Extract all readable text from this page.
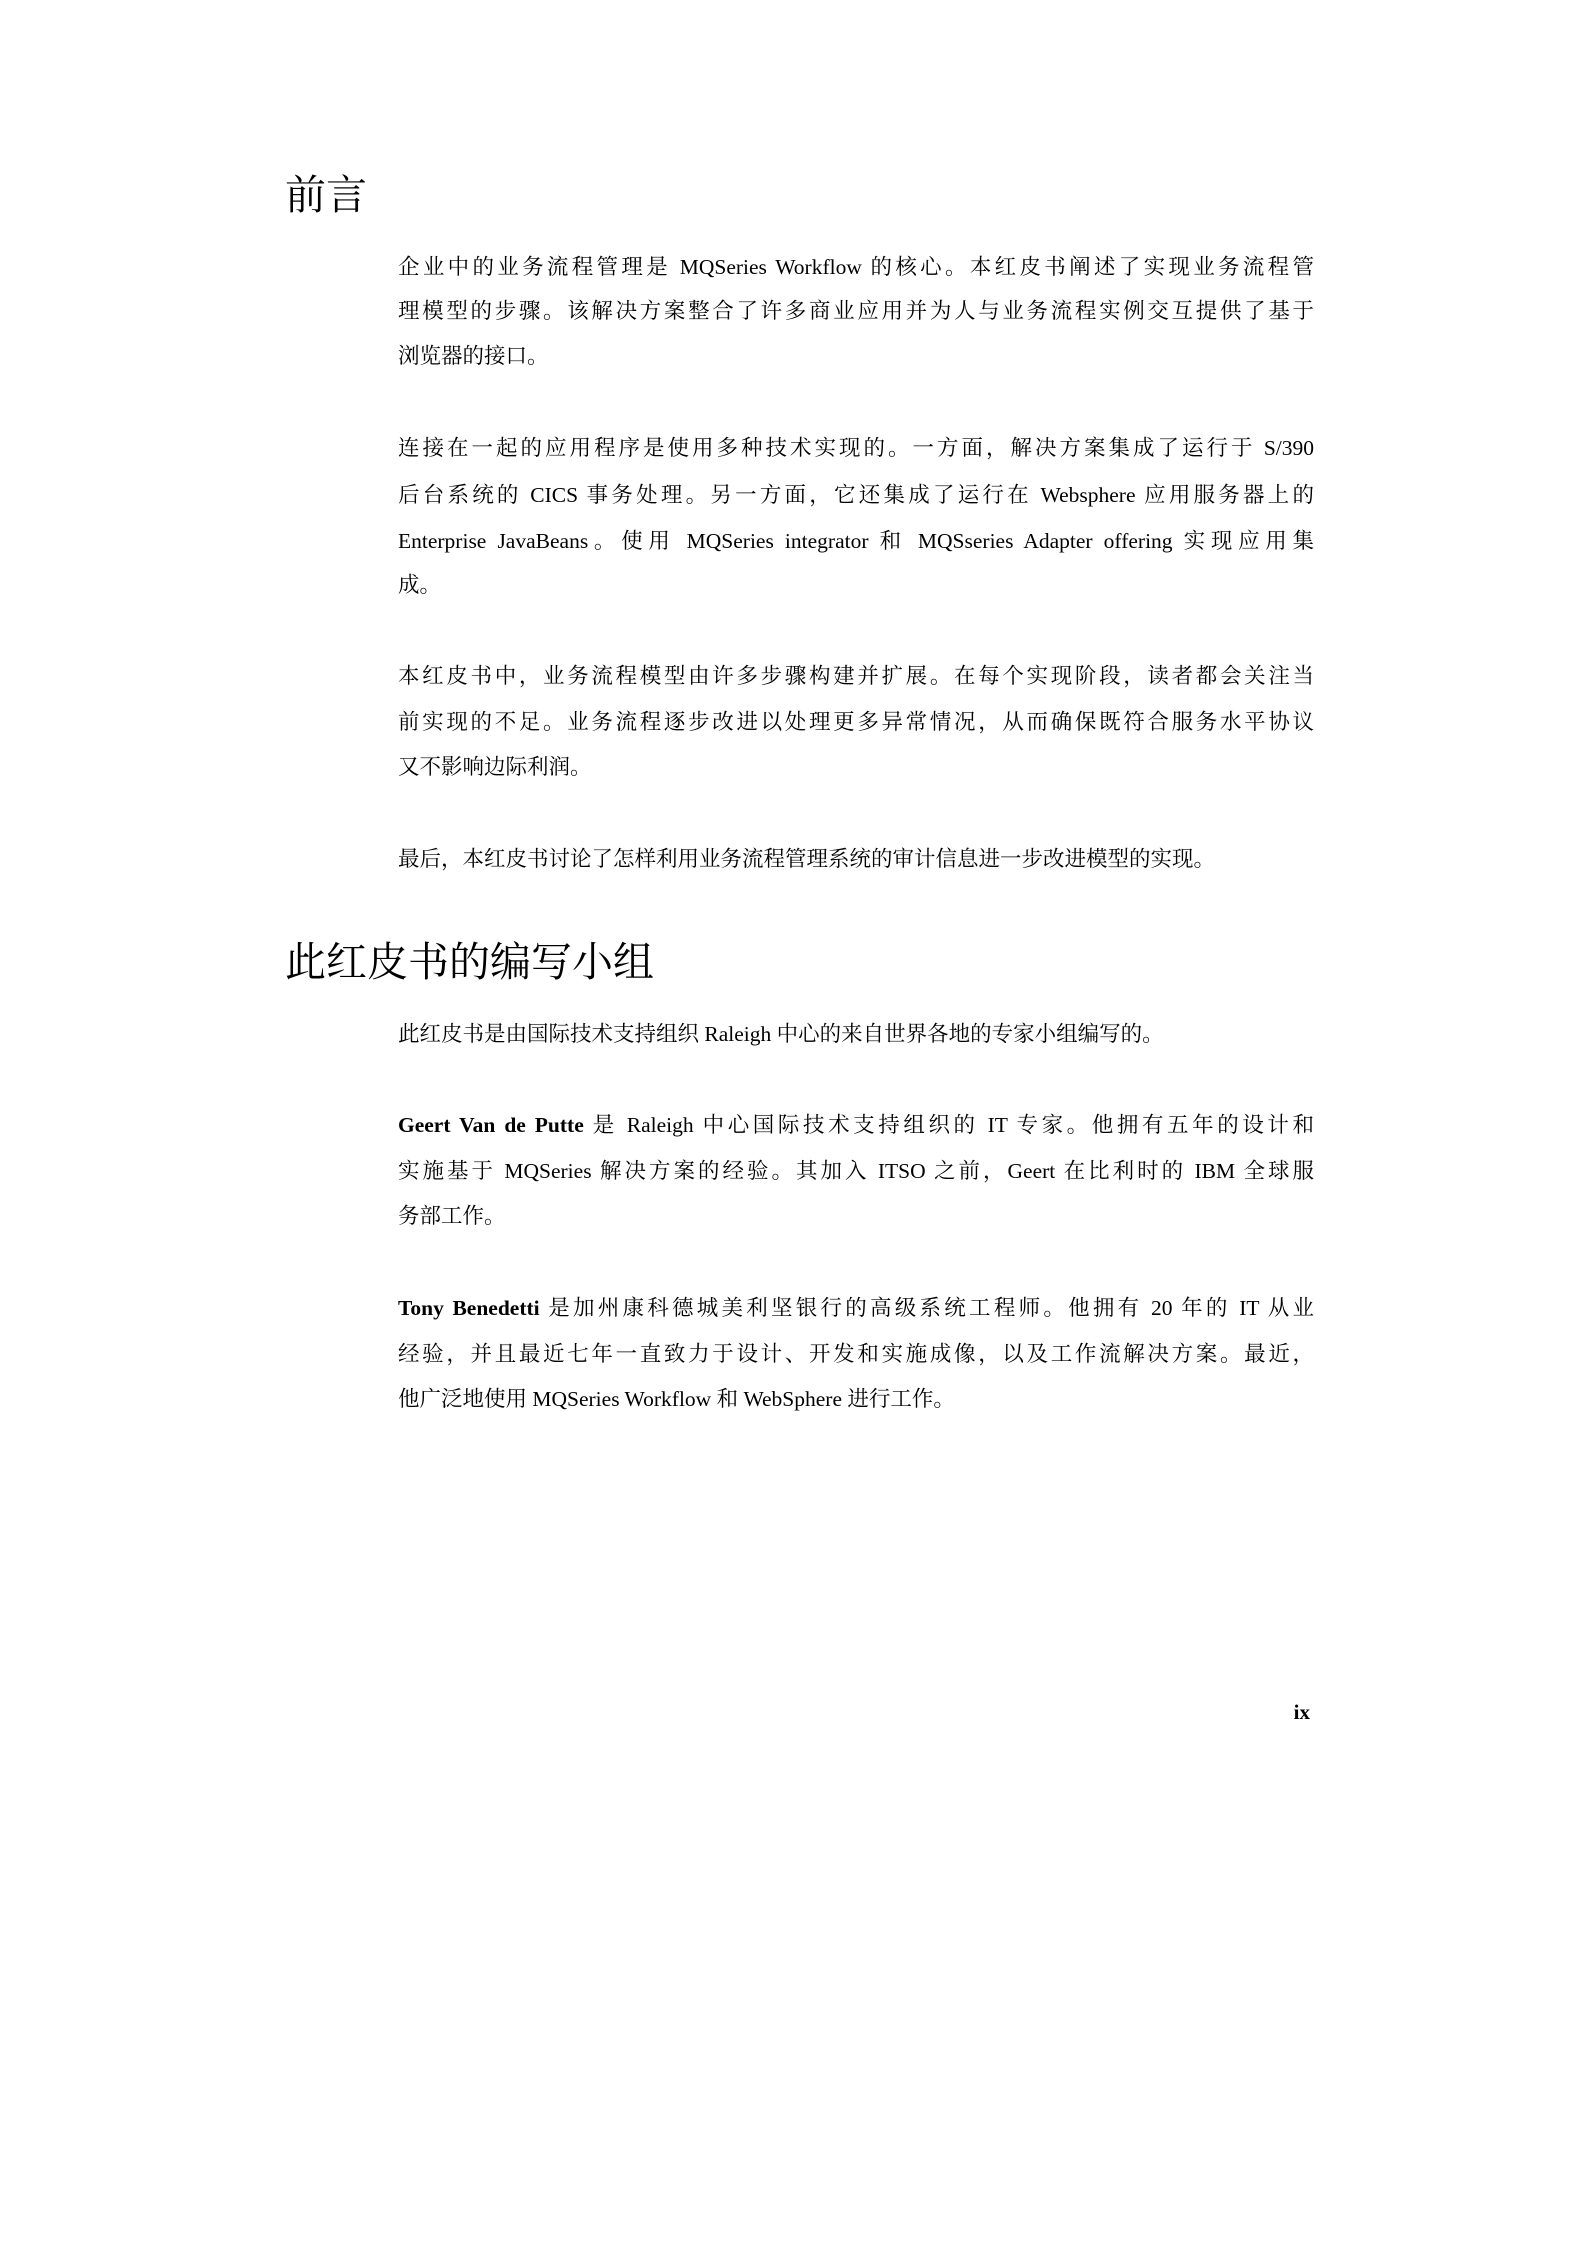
前言
企业中的业务流程管理是 MQSeries Workflow 的核心。本红皮书阐述了实现业务流程管
理模型的步骤。该解决方案整合了许多商业应用并为人与业务流程实例交互提供了基于
浏览器的接口。
连接在一起的应用程序是使用多种技术实现的。一方面，解决方案集成了运行于 S/390
后台系统的 CICS 事务处理。另一方面，它还集成了运行在 Websphere 应用服务器上的
Enterprise JavaBeans。使用 MQSeries integrator 和 MQSseries Adapter offering 实现应用集
成。
本红皮书中，业务流程模型由许多步骤构建并扩展。在每个实现阶段，读者都会关注当
前实现的不足。业务流程逐步改进以处理更多异常情况，从而确保既符合服务水平协议
又不影响边际利润。
最后，本红皮书讨论了怎样利用业务流程管理系统的审计信息进一步改进模型的实现。
此红皮书的编写小组
此红皮书是由国际技术支持组织 Raleigh 中心的来自世界各地的专家小组编写的。
Geert Van de Putte 是 Raleigh 中心国际技术支持组织的 IT 专家。他拥有五年的设计和
实施基于 MQSeries 解决方案的经验。其加入 ITSO 之前，Geert 在比利时的 IBM 全球服
务部工作。
Tony Benedetti 是加州康科德城美利坚银行的高级系统工程师。他拥有 20 年的 IT 从业
经验，并且最近七年一直致力于设计、开发和实施成像，以及工作流解决方案。最近，
他广泛地使用 MQSeries Workflow 和 WebSphere 进行工作。
ix
